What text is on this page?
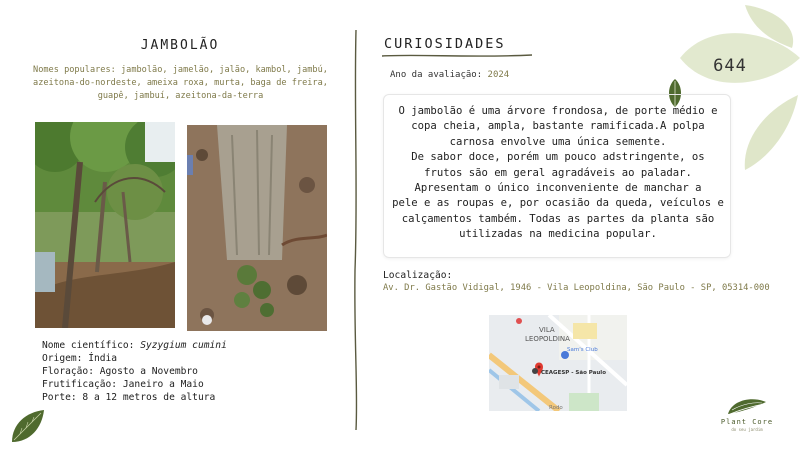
JAMBOLÃO
Nomes populares: jambolão, jamelão, jalão, kambol, jambú, azeitona-do-nordeste, ameixa roxa, murta, baga de freira, guapê, jambuí, azeitona-da-terra
Nome científico: Syzygium cumini
Origem: Índia
Floração: Agosto a Novembro
Frutificação: Janeiro a Maio
Porte: 8 a 12 metros de altura
CURIOSIDADES
Ano da avaliação: 2024
O jambolão é uma árvore frondosa, de porte médio e
copa cheia, ampla, bastante ramificada.A polpa
carnosa envolve uma única semente.
De sabor doce, porém um pouco adstringente, os
frutos são em geral agradáveis ao paladar.
Apresentam o único inconveniente de manchar a
pele e as roupas e, por ocasião da queda, veículos e
calçamentos também. Todas as partes da planta são
utilizadas na medicina popular.
Localização:
Av. Dr. Gastão Vidigal, 1946 - Vila Leopoldina, São Paulo - SP, 05314-000
VILA
LEOPOLDINA
Sam's Club
CEAGESP - São Paulo
Rodo
644
Plant Core
do seu jardim
